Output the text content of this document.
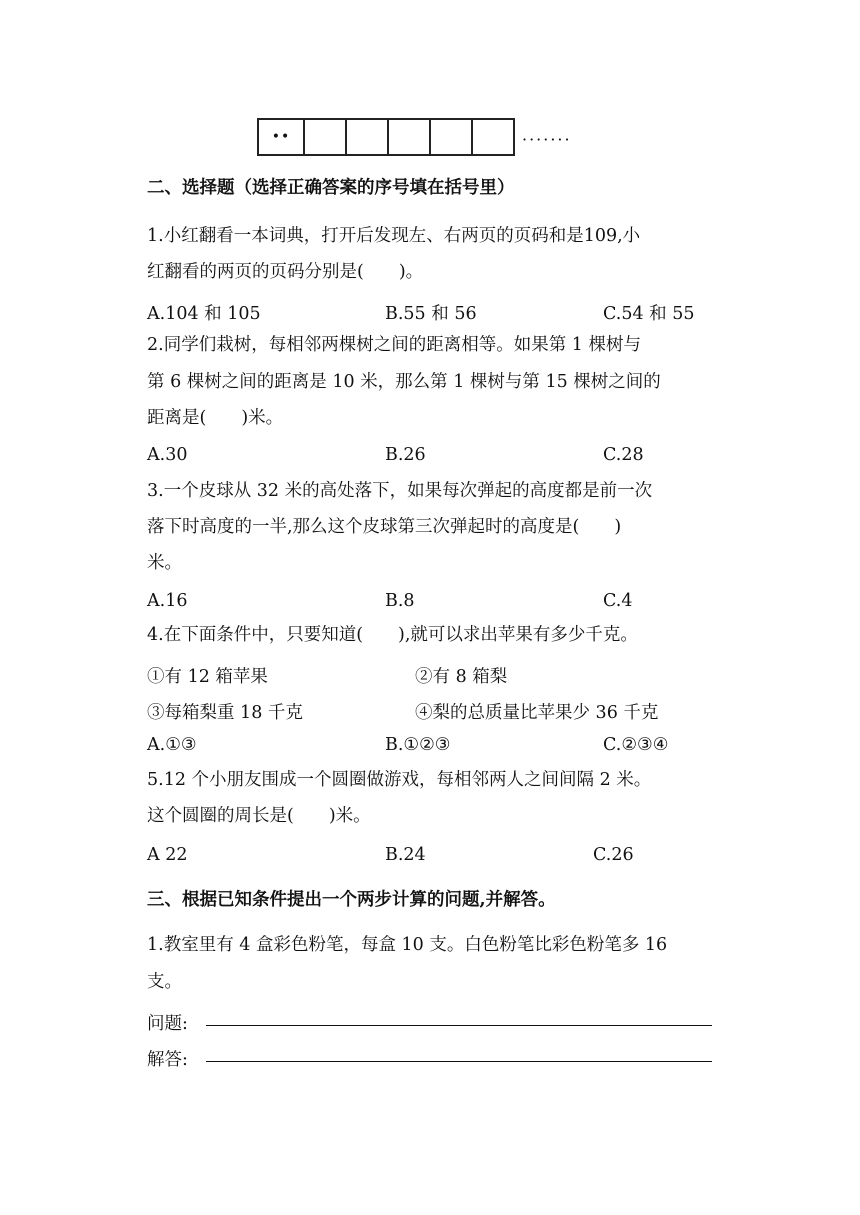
••	·······
二、选择题（选择正确答案的序号填在括号里）
1.小红翻看一本词典，打开后发现左、右两页的页码和是109,小
红翻看的两页的页码分别是(　　)。
A.104 和 105	B.55 和 56	C.54 和 55
2.同学们栽树，每相邻两棵树之间的距离相等。如果第 1 棵树与
第 6 棵树之间的距离是 10 米，那么第 1 棵树与第 15 棵树之间的
距离是(　　)米。
A.30	B.26	C.28
3.一个皮球从 32 米的高处落下，如果每次弹起的高度都是前一次
落下时高度的一半,那么这个皮球第三次弹起时的高度是(　　)
米。
A.16	B.8	C.4
4.在下面条件中，只要知道(　　),就可以求出苹果有多少千克。
①有 12 箱苹果	②有 8 箱梨
③每箱梨重 18 千克	④梨的总质量比苹果少 36 千克
A.①③	B.①②③	C.②③④
5.12 个小朋友围成一个圆圈做游戏，每相邻两人之间间隔 2 米。
这个圆圈的周长是(　　)米。
A 22	B.24	C.26
三、根据已知条件提出一个两步计算的问题,并解答。
1.教室里有 4 盒彩色粉笔，每盒 10 支。白色粉笔比彩色粉笔多 16
支。
问题:
解答:
